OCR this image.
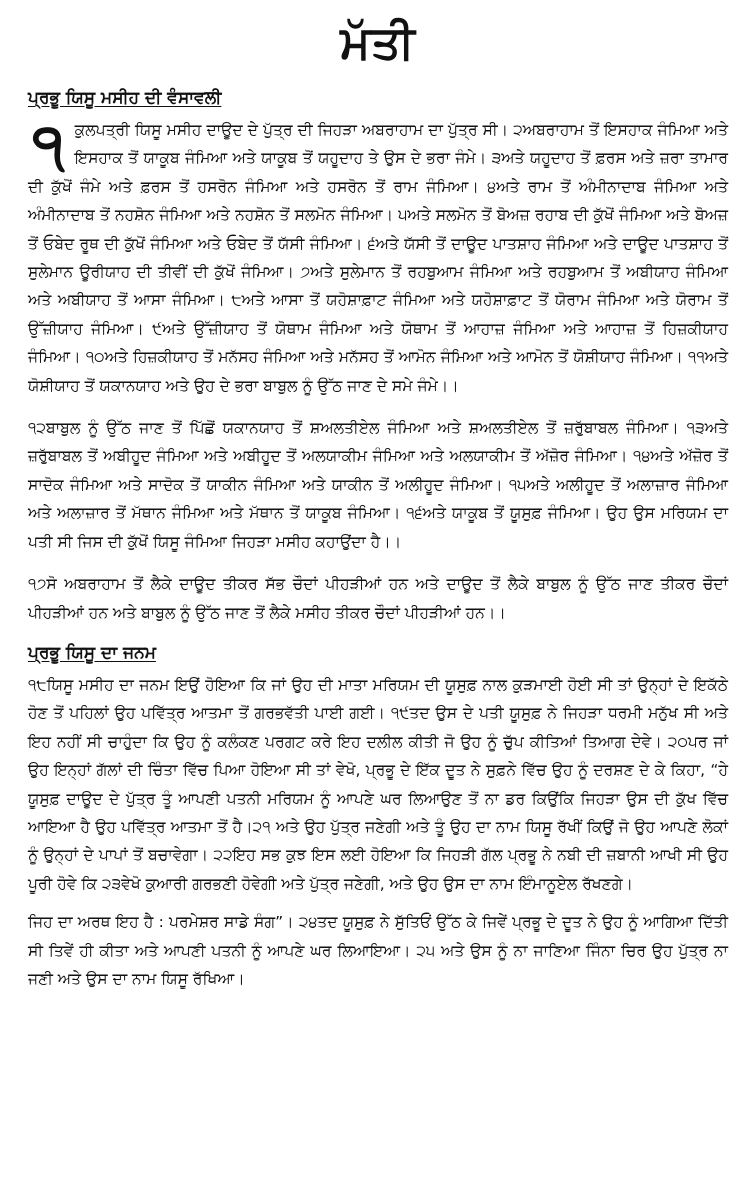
ਮੱਤੀ
ਪ੍ਰਭੂ ਯਿਸੂ ਮਸੀਹ ਦੀ ਵੰਸਾਵਲੀ

੧ ਕੁਲਪਤ੍ਰੀ ਯਿਸੂ ਮਸੀਹ ਦਾਊਦ ਦੇ ਪੁੱਤ੍ਰ ਦੀ ਜਿਹੜਾ ਅਬਰਾਹਾਮ ਦਾ ਪੁੱਤ੍ਰ ਸੀ। ੨ਅਬਰਾਹਾਮ ਤੋਂ ਇਸਹਾਕ ਜੰਮਿਆ ਅਤੇ ਇਸਹਾਕ ਤੋਂ ਯਾਕੂਬ ਜੰਮਿਆ ਅਤੇ ਯਾਕੂਬ ਤੋਂ ਯਹੂਦਾਹ ਤੇ ਉਸ ਦੇ ਭਰਾ ਜੰਮੇ। ੩ਅਤੇ ਯਹੂਦਾਹ ਤੋਂ ਫ਼ਰਸ ਅਤੇ ਜ਼ਰਾ ਤਾਮਾਰ ਦੀ ਕੁੱਖੋਂ ਜੰਮੇ ਅਤੇ ਫ਼ਰਸ ਤੋਂ ਹਸਰੋਨ ਜੰਮਿਆ ਅਤੇ ਹਸਰੋਨ ਤੋਂ ਰਾਮ ਜੰਮਿਆ। ੪ਅਤੇ ਰਾਮ ਤੋਂ ਅੰਮੀਨਾਦਾਬ ਜੰਮਿਆ ਅਤੇ ਅੰਮੀਨਾਦਾਬ ਤੋਂ ਨਹਸ਼ੋਨ ਜੰਮਿਆ ਅਤੇ ਨਹਸ਼ੋਨ ਤੋਂ ਸਲਮੋਨ ਜੰਮਿਆ। ੫ਅਤੇ ਸਲਮੋਨ ਤੋਂ ਬੋਅਜ਼ ਰਹਾਬ ਦੀ ਕੁੱਖੋਂ ਜੰਮਿਆ ਅਤੇ ਬੋਅਜ਼ ਤੋਂ ਓਬੇਦ ਰੂਥ ਦੀ ਕੁੱਖੋਂ ਜੰਮਿਆ ਅਤੇ ਓਬੇਦ ਤੋਂ ਯੱਸੀ ਜੰਮਿਆ। ੬ਅਤੇ ਯੱਸੀ ਤੋਂ ਦਾਊਦ ਪਾਤਸ਼ਾਹ ਜੰਮਿਆ ਅਤੇ ਦਾਊਦ ਪਾਤਸ਼ਾਹ ਤੋਂ ਸੁਲੇਮਾਨ ਊਰੀਯਾਹ ਦੀ ਤੀਵੀਂ ਦੀ ਕੁੱਖੋਂ ਜੰਮਿਆ। ੭ਅਤੇ ਸੁਲੇਮਾਨ ਤੋਂ ਰਹਬੁਆਮ ਜੰਮਿਆ ਅਤੇ ਰਹਬੁਆਮ ਤੋਂ ਅਬੀਯਾਹ ਜੰਮਿਆ ਅਤੇ ਅਬੀਯਾਹ ਤੋਂ ਆਸਾ ਜੰਮਿਆ। ੮ਅਤੇ ਆਸਾ ਤੋਂ ਯਹੋਸ਼ਾਫ਼ਾਟ ਜੰਮਿਆ ਅਤੇ ਯਹੋਸ਼ਾਫ਼ਾਟ ਤੋਂ ਯੋਰਾਮ ਜੰਮਿਆ ਅਤੇ ਯੋਰਾਮ ਤੋਂ ਉੱਜ਼ੀਯਾਹ ਜੰਮਿਆ। ੯ਅਤੇ ਉੱਜ਼ੀਯਾਹ ਤੋਂ ਯੋਥਾਮ ਜੰਮਿਆ ਅਤੇ ਯੋਥਾਮ ਤੋਂ ਆਹਾਜ਼ ਜੰਮਿਆ ਅਤੇ ਆਹਾਜ਼ ਤੋਂ ਹਿਜ਼ਕੀਯਾਹ ਜੰਮਿਆ। ੧੦ਅਤੇ ਹਿਜ਼ਕੀਯਾਹ ਤੋਂ ਮਨੱਸਹ ਜੰਮਿਆ ਅਤੇ ਮਨੱਸਹ ਤੋਂ ਆਮੋਨ ਜੰਮਿਆ ਅਤੇ ਆਮੋਨ ਤੋਂ ਯੋਸ਼ੀਯਾਹ ਜੰਮਿਆ। ੧੧ਅਤੇ ਯੋਸ਼ੀਯਾਹ ਤੋਂ ਯਕਾਨਯਾਹ ਅਤੇ ਉਹ ਦੇ ਭਰਾ ਬਾਬੁਲ ਨੂੰ ਉੱਠ ਜਾਣ ਦੇ ਸਮੇ ਜੰਮੇ।।

੧੨ਬਾਬੁਲ ਨੂੰ ਉੱਠ ਜਾਣ ਤੋਂ ਪਿੱਛੋਂ ਯਕਾਨਯਾਹ ਤੋਂ ਸ਼ਅਲਤੀਏਲ ਜੰਮਿਆ ਅਤੇ ਸ਼ਅਲਤੀਏਲ ਤੋਂ ਜ਼ਰੁੱਬਾਬਲ ਜੰਮਿਆ। ੧੩ਅਤੇ ਜ਼ਰੁੱਬਾਬਲ ਤੋਂ ਅਬੀਹੂਦ ਜੰਮਿਆ ਅਤੇ ਅਬੀਹੂਦ ਤੋਂ ਅਲਯਾਕੀਮ ਜੰਮਿਆ ਅਤੇ ਅਲਯਾਕੀਮ ਤੋਂ ਅੱਜ਼ੋਰ ਜੰਮਿਆ। ੧੪ਅਤੇ ਅੱਜ਼ੋਰ ਤੋਂ ਸਾਦੋਕ ਜੰਮਿਆ ਅਤੇ ਸਾਦੋਕ ਤੋਂ ਯਾਕੀਨ ਜੰਮਿਆ ਅਤੇ ਯਾਕੀਨ ਤੋਂ ਅਲੀਹੂਦ ਜੰਮਿਆ। ੧੫ਅਤੇ ਅਲੀਹੂਦ ਤੋਂ ਅਲਾਜ਼ਾਰ ਜੰਮਿਆ ਅਤੇ ਅਲਾਜ਼ਾਰ ਤੋਂ ਮੱਥਾਨ ਜੰਮਿਆ ਅਤੇ ਮੱਥਾਨ ਤੋਂ ਯਾਕੂਬ ਜੰਮਿਆ। ੧੬ਅਤੇ ਯਾਕੂਬ ਤੋਂ ਯੂਸੁਫ਼ ਜੰਮਿਆ। ਉਹ ਉਸ ਮਰਿਯਮ ਦਾ ਪਤੀ ਸੀ ਜਿਸ ਦੀ ਕੁੱਖੋਂ ਯਿਸੂ ਜੰਮਿਆ ਜਿਹੜਾ ਮਸੀਹ ਕਹਾਉਂਦਾ ਹੈ।।

੧੭ਸੋ ਅਬਰਾਹਾਮ ਤੋਂ ਲੈਕੇ ਦਾਊਦ ਤੀਕਰ ਸੱਭ ਚੌਦਾਂ ਪੀਹੜੀਆਂ ਹਨ ਅਤੇ ਦਾਊਦ ਤੋਂ ਲੈਕੇ ਬਾਬੁਲ ਨੂੰ ਉੱਠ ਜਾਣ ਤੀਕਰ ਚੌਦਾਂ ਪੀਹੜੀਆਂ ਹਨ ਅਤੇ ਬਾਬੁਲ ਨੂੰ ਉੱਠ ਜਾਣ ਤੋਂ ਲੈਕੇ ਮਸੀਹ ਤੀਕਰ ਚੌਦਾਂ ਪੀਹੜੀਆਂ ਹਨ।।

ਪ੍ਰਭੂ ਯਿਸੂ ਦਾ ਜਨਮ

੧੮ਯਿਸੂ ਮਸੀਹ ਦਾ ਜਨਮ ਇਉਂ ਹੋਇਆ ਕਿ ਜਾਂ ਉਹ ਦੀ ਮਾਤਾ ਮਰਿਯਮ ਦੀ ਯੂਸੁਫ਼ ਨਾਲ ਕੁੜਮਾਈ ਹੋਈ ਸੀ ਤਾਂ ਉਨ੍ਹਾਂ ਦੇ ਇਕੱਠੇ ਹੋਣ ਤੋਂ ਪਹਿਲਾਂ ਉਹ ਪਵਿੱਤ੍ਰ ਆਤਮਾ ਤੋਂ ਗਰਭਵੱਤੀ ਪਾਈ ਗਈ। ੧੯ਤਦ ਉਸ ਦੇ ਪਤੀ ਯੂਸੁਫ਼ ਨੇ ਜਿਹੜਾ ਧਰਮੀ ਮਨੁੱਖ ਸੀ ਅਤੇ ਇਹ ਨਹੀਂ ਸੀ ਚਾਹੁੰਦਾ ਕਿ ਉਹ ਨੂੰ ਕਲੰਕਣ ਪਰਗਟ ਕਰੇ ਇਹ ਦਲੀਲ ਕੀਤੀ ਜੋ ਉਹ ਨੂੰ ਚੁੱਪ ਕੀਤਿਆਂ ਤਿਆਗ ਦੇਵੇ। ੨੦ਪਰ ਜਾਂ ਉਹ ਇਨ੍ਹਾਂ ਗੱਲਾਂ ਦੀ ਚਿੰਤਾ ਵਿੱਚ ਪਿਆ ਹੋਇਆ ਸੀ ਤਾਂ ਵੇਖੋ, ਪ੍ਰਭੂ ਦੇ ਇੱਕ ਦੂਤ ਨੇ ਸੁਫ਼ਨੇ ਵਿੱਚ ਉਹ ਨੂੰ ਦਰਸ਼ਣ ਦੇ ਕੇ ਕਿਹਾ, “ਹੇ ਯੂਸੁਫ਼ ਦਾਊਦ ਦੇ ਪੁੱਤ੍ਰ ਤੂੰ ਆਪਣੀ ਪਤਨੀ ਮਰਿਯਮ ਨੂੰ ਆਪਣੇ ਘਰ ਲਿਆਉਣ ਤੋਂ ਨਾ ਡਰ ਕਿਉਂਕਿ ਜਿਹੜਾ ਉਸ ਦੀ ਕੁੱਖ ਵਿੱਚ ਆਇਆ ਹੈ ਉਹ ਪਵਿੱਤ੍ਰ ਆਤਮਾ ਤੋਂ ਹੈ।੨੧ ਅਤੇ ਉਹ ਪੁੱਤ੍ਰ ਜਣੇਗੀ ਅਤੇ ਤੂੰ ਉਹ ਦਾ ਨਾਮ ਯਿਸੂ ਰੱਖੀਂ ਕਿਉਂ ਜੋ ਉਹ ਆਪਣੇ ਲੋਕਾਂ ਨੂੰ ਉਨ੍ਹਾਂ ਦੇ ਪਾਪਾਂ ਤੋਂ ਬਚਾਵੇਗਾ। ੨੨ਇਹ ਸਭ ਕੁਝ ਇਸ ਲਈ ਹੋਇਆ ਕਿ ਜਿਹੜੀ ਗੱਲ ਪ੍ਰਭੂ ਨੇ ਨਬੀ ਦੀ ਜ਼ਬਾਨੀ ਆਖੀ ਸੀ ਉਹ ਪੂਰੀ ਹੋਵੇ ਕਿ ੨੩ਵੇਖੋ ਕੁਆਰੀ ਗਰਭਣੀ ਹੋਵੇਗੀ ਅਤੇ ਪੁੱਤ੍ਰ ਜਣੇਗੀ, ਅਤੇ ਉਹ ਉਸ ਦਾ ਨਾਮ ਇੰਮਾਨੂਏਲ ਰੱਖਣਗੇ।

ਜਿਹ ਦਾ ਅਰਥ ਇਹ ਹੈ : ਪਰਮੇਸ਼ਰ ਸਾਡੇ ਸੰਗ”। ੨੪ਤਦ ਯੂਸੁਫ਼ ਨੇ ਸੁੱਤਿਓਂ ਉੱਠ ਕੇ ਜਿਵੇਂ ਪ੍ਰਭੂ ਦੇ ਦੂਤ ਨੇ ਉਹ ਨੂੰ ਆਗਿਆ ਦਿੱਤੀ ਸੀ ਤਿਵੇਂ ਹੀ ਕੀਤਾ ਅਤੇ ਆਪਣੀ ਪਤਨੀ ਨੂੰ ਆਪਣੇ ਘਰ ਲਿਆਇਆ। ੨੫ ਅਤੇ ਉਸ ਨੂੰ ਨਾ ਜਾਣਿਆ ਜਿੰਨਾ ਚਿਰ ਉਹ ਪੁੱਤ੍ਰ ਨਾ ਜਣੀ ਅਤੇ ਉਸ ਦਾ ਨਾਮ ਯਿਸੂ ਰੱਖਿਆ।
